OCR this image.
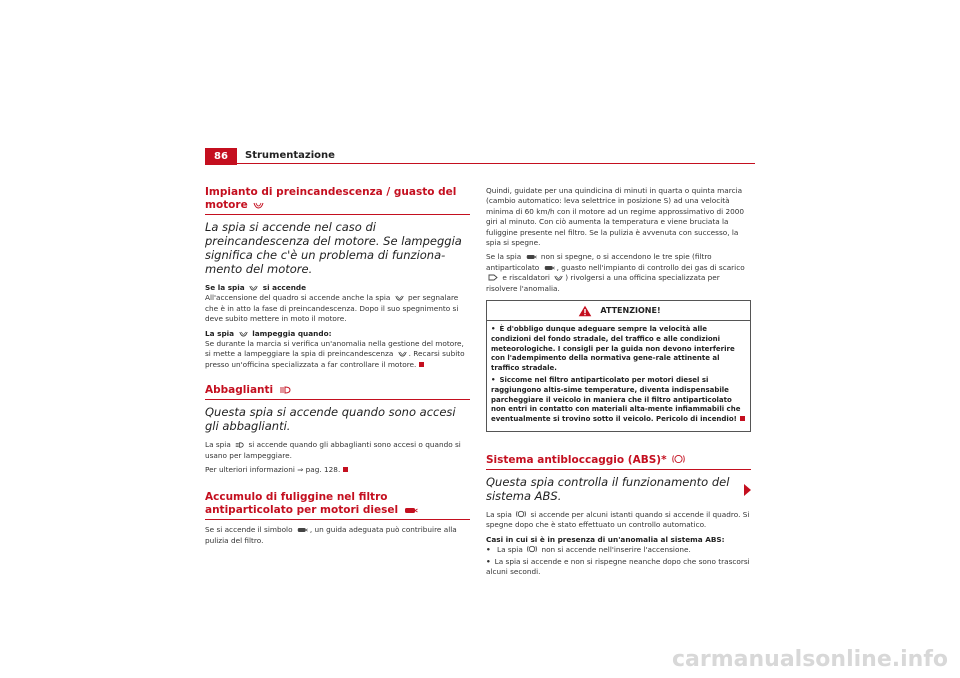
86	Strumentazione
Impianto di preincandescenza / guasto del motore
La spia si accende nel caso di preincandescenza del motore. Se lampeggia significa che c'è un problema di funziona-mento del motore.
Se la spia si accende

All'accensione del quadro si accende anche la spia per segnalare che è in atto la fase di preincandescenza. Dopo il suo spegnimento si deve subito mettere in moto il motore.

La spia lampeggia quando:

Se durante la marcia si verifica un'anomalia nella gestione del motore, si mette a lampeggiare la spia di preincandescenza . Recarsi subito presso un'officina specializzata a far controllare il motore.

Abbaglianti
Questa spia si accende quando sono accesi gli abbaglianti.

La spia si accende quando gli abbaglianti sono accesi o quando si usano per lampeggiare.

Per ulteriori informazioni ⇒ pag. 128.

Accumulo di fuliggine nel filtro antiparticolato per motori diesel

Se si accende il simbolo , un guida adeguata può contribuire alla pulizia del filtro.

Quindi, guidate per una quindicina di minuti in quarta o quinta marcia (cambio automatico: leva selettrice in posizione S) ad una velocità minima di 60 km/h con il motore ad un regime approssimativo di 2000 giri al minuto. Con ciò aumenta la temperatura e viene bruciata la fuliggine presente nel filtro. Se la pulizia è avvenuta con successo, la spia si spegne.

Se la spia	non si spegne, o si accendono le tre spie (filtro antiparticolato , guasto nell'impianto di controllo dei gas di scarico
e riscaldatori ) rivolgersi a una officina specializzata per risolvere l'anomalia.

ATTENZIONE!
• È d'obbligo dunque adeguare sempre la velocità alle condizioni del fondo stradale, del traffico e alle condizioni meteorologiche. I consigli per la guida non devono interferire con l'adempimento della normativa gene-rale attinente al traffico stradale.
• Siccome nel filtro antiparticolato per motori diesel si raggiungono altis-sime temperature, diventa indispensabile parcheggiare il veicolo in maniera che il filtro antiparticolato non entri in contatto con materiali alta-mente infiammabili che eventualmente si trovino sotto il veicolo. Pericolo di incendio!
Sistema antibloccaggio (ABS)*
Questa spia controlla il funzionamento del sistema ABS.

La spia	si accende per alcuni istanti quando si accende il quadro. Si spegne dopo che è stato effettuato un controllo automatico.

Casi in cui si è in presenza di un'anomalia al sistema ABS:

• La spia	non si accende nell'inserire l'accensione.

• La spia si accende e non si rispegne neanche dopo che sono trascorsi alcuni secondi.

carmanualsonline.info
